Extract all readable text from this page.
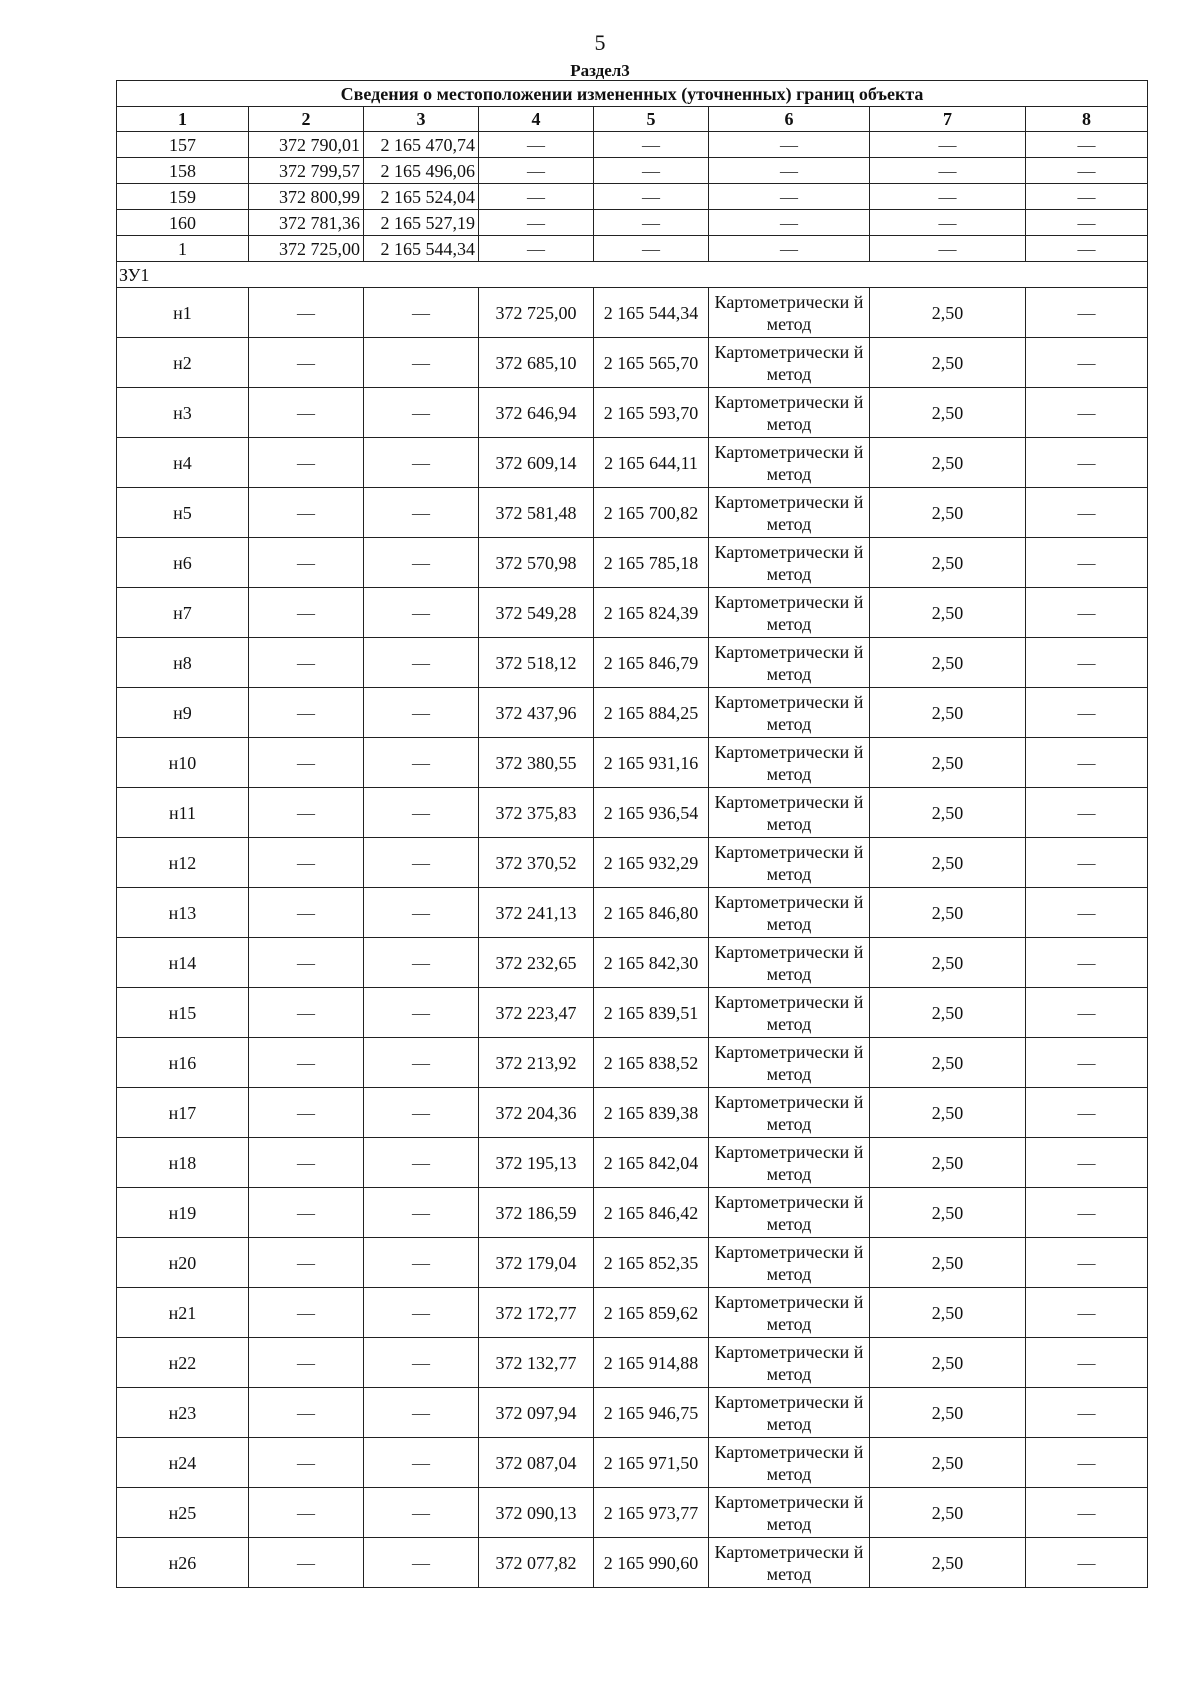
5
Раздел3
Сведения о местоположении измененных (уточненных) границ объекта							
1	2	3	4	5	6	7	8
157	372 790,01	2 165 470,74	—	—	—	—	—
158	372 799,57	2 165 496,06	—	—	—	—	—
159	372 800,99	2 165 524,04	—	—	—	—	—
160	372 781,36	2 165 527,19	—	—	—	—	—
1	372 725,00	2 165 544,34	—	—	—	—	—
ЗУ1							
н1	—	—	372 725,00	2 165 544,34	Картометрически й метод	2,50	—
н2	—	—	372 685,10	2 165 565,70	Картометрически й метод	2,50	—
н3	—	—	372 646,94	2 165 593,70	Картометрически й метод	2,50	—
н4	—	—	372 609,14	2 165 644,11	Картометрически й метод	2,50	—
н5	—	—	372 581,48	2 165 700,82	Картометрически й метод	2,50	—
н6	—	—	372 570,98	2 165 785,18	Картометрически й метод	2,50	—
н7	—	—	372 549,28	2 165 824,39	Картометрически й метод	2,50	—
н8	—	—	372 518,12	2 165 846,79	Картометрически й метод	2,50	—
н9	—	—	372 437,96	2 165 884,25	Картометрически й метод	2,50	—
н10	—	—	372 380,55	2 165 931,16	Картометрически й метод	2,50	—
н11	—	—	372 375,83	2 165 936,54	Картометрически й метод	2,50	—
н12	—	—	372 370,52	2 165 932,29	Картометрически й метод	2,50	—
н13	—	—	372 241,13	2 165 846,80	Картометрически й метод	2,50	—
н14	—	—	372 232,65	2 165 842,30	Картометрически й метод	2,50	—
н15	—	—	372 223,47	2 165 839,51	Картометрически й метод	2,50	—
н16	—	—	372 213,92	2 165 838,52	Картометрически й метод	2,50	—
н17	—	—	372 204,36	2 165 839,38	Картометрически й метод	2,50	—
н18	—	—	372 195,13	2 165 842,04	Картометрически й метод	2,50	—
н19	—	—	372 186,59	2 165 846,42	Картометрически й метод	2,50	—
н20	—	—	372 179,04	2 165 852,35	Картометрически й метод	2,50	—
н21	—	—	372 172,77	2 165 859,62	Картометрически й метод	2,50	—
н22	—	—	372 132,77	2 165 914,88	Картометрически й метод	2,50	—
н23	—	—	372 097,94	2 165 946,75	Картометрически й метод	2,50	—
н24	—	—	372 087,04	2 165 971,50	Картометрически й метод	2,50	—
н25	—	—	372 090,13	2 165 973,77	Картометрически й метод	2,50	—
н26	—	—	372 077,82	2 165 990,60	Картометрически й метод	2,50	—
